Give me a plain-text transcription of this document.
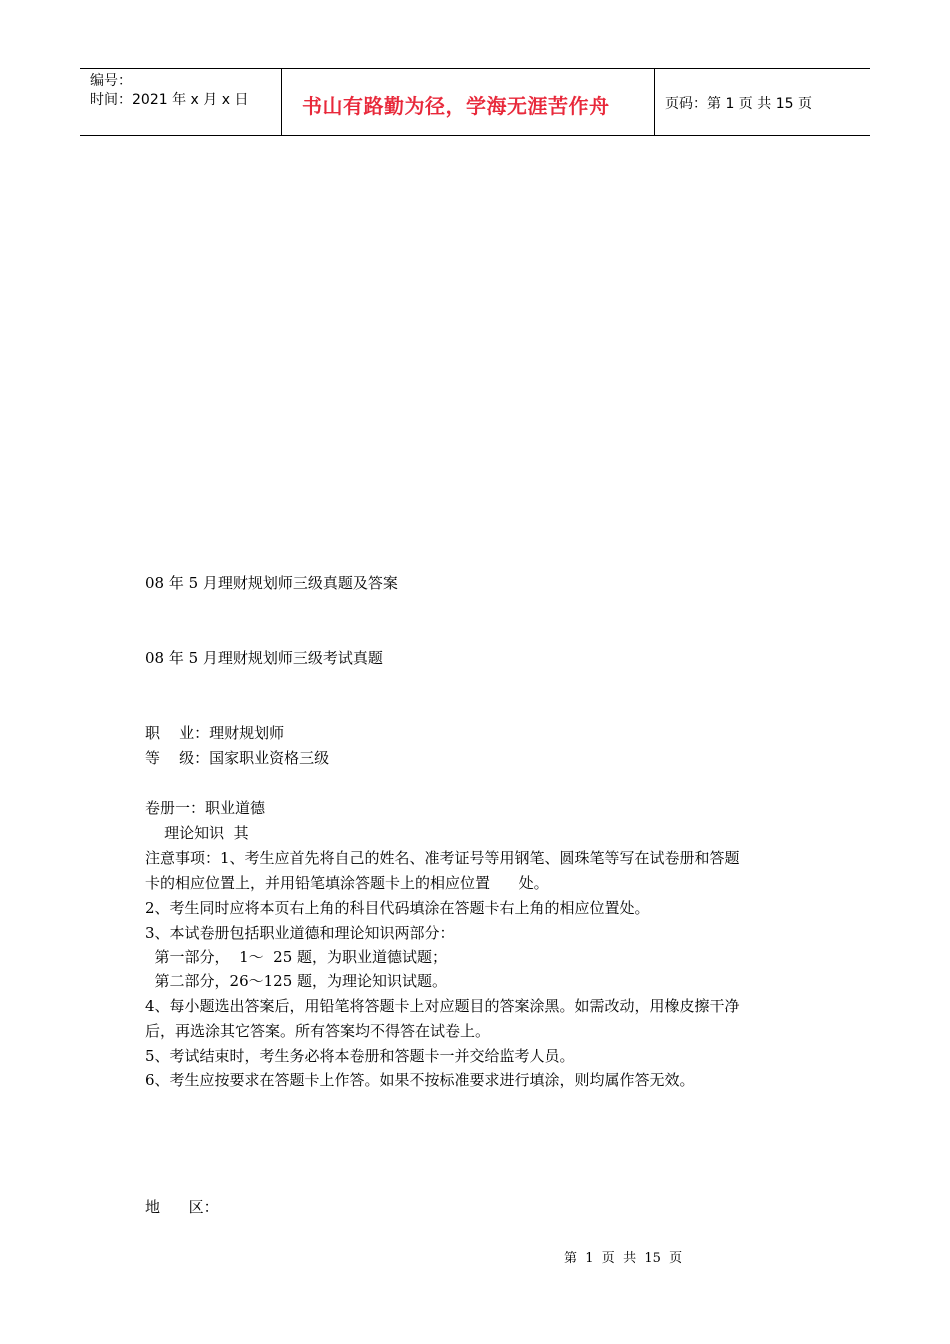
编号：
时间：2021 年 x 月 x 日	书山有路勤为径，学海无涯苦作舟	页码：第 1 页 共 15 页
08 年 5 月理财规划师三级真题及答案
08 年 5 月理财规划师三级考试真题
职    业：理财规划师
等    级：国家职业资格三级
卷册一：职业道德
理论知识  其
注意事项：1、考生应首先将自己的姓名、准考证号等用钢笔、圆珠笔等写在试卷册和答题
卡的相应位置上，并用铅笔填涂答题卡上的相应位置      处。
2、考生同时应将本页右上角的科目代码填涂在答题卡右上角的相应位置处。
3、本试卷册包括职业道德和理论知识两部分：
第一部分，  1～  25 题，为职业道德试题；
第二部分，26～125 题，为理论知识试题。
4、每小题选出答案后，用铅笔将答题卡上对应题目的答案涂黑。如需改动，用橡皮擦干净
后，再选涂其它答案。所有答案均不得答在试卷上。
5、考试结束时，考生务必将本卷册和答题卡一并交给监考人员。
6、考生应按要求在答题卡上作答。如果不按标准要求进行填涂，则均属作答无效。
地      区：
第  1  页  共  15  页
